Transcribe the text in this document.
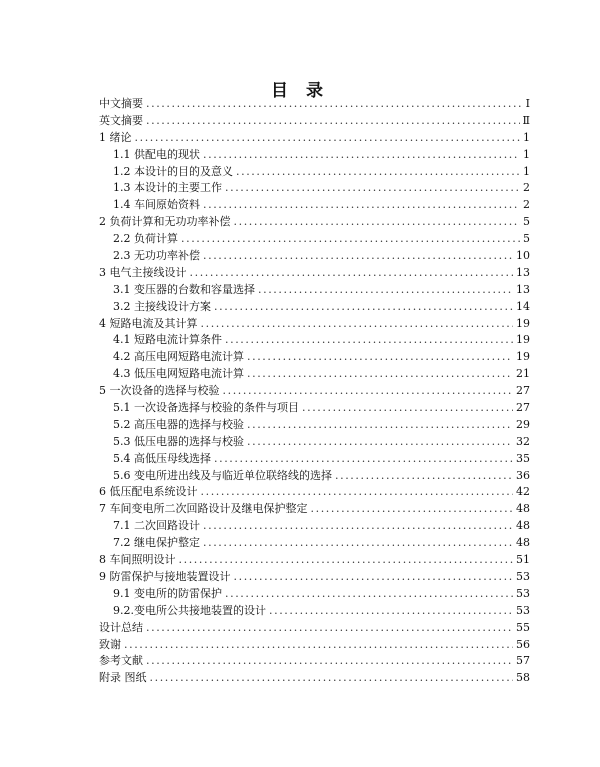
目 录
中文摘要 .....	Ⅰ
英文摘要 .....	Ⅱ
1 绪论 .....	1
1.1 供配电的现状 .....	1
1.2 本设计的目的及意义 .....	1
1.3 本设计的主要工作 .....	2
1.4 车间原始资料 .....	2
2 负荷计算和无功功率补偿 .....	5
2.2 负荷计算 .....	5
2.3 无功功率补偿 .....	10
3 电气主接线设计 .....	13
3.1 变压器的台数和容量选择 .....	13
3.2 主接线设计方案 .....	14
4 短路电流及其计算 .....	19
4.1 短路电流计算条件 .....	19
4.2 高压电网短路电流计算 .....	19
4.3 低压电网短路电流计算 .....	21
5 一次设备的选择与校验 .....	27
5.1 一次设备选择与校验的条件与项目 .....	27
5.2 高压电器的选择与校验 .....	29
5.3 低压电器的选择与校验 .....	32
5.4 高低压母线选择 .....	35
5.6 变电所进出线及与临近单位联络线的选择 .....	36
6 低压配电系统设计 .....	42
7 车间变电所二次回路设计及继电保护整定 .....	48
7.1 二次回路设计 .....	48
7.2 继电保护整定 .....	48
8 车间照明设计 .....	51
9 防雷保护与接地装置设计 .....	53
9.1 变电所的防雷保护 .....	53
9.2.变电所公共接地装置的设计 .....	53
设计总结 .....	55
致谢 .....	56
参考文献 .....	57
附录 图纸 .....	58
